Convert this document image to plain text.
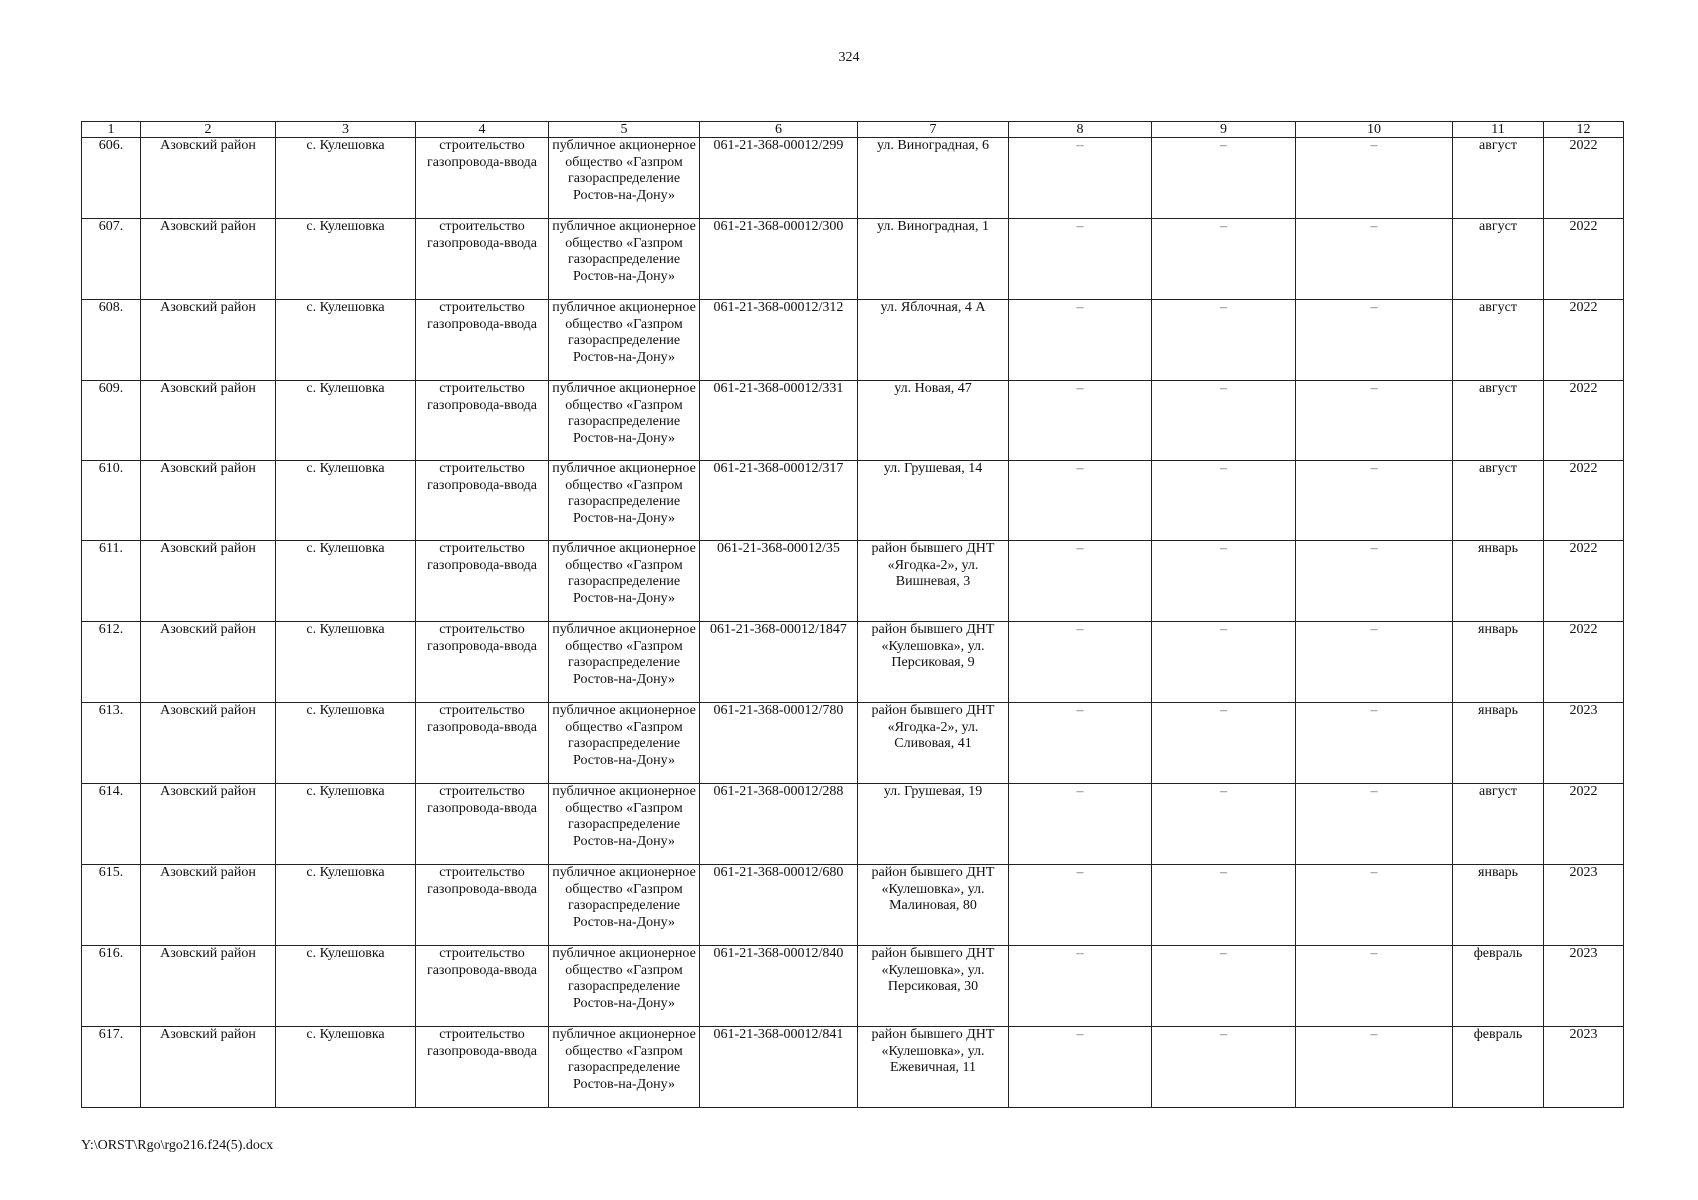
324
1	2	3	4	5	6	7	8	9	10	11	12
606.	Азовский район	с. Кулешовка	строительство газопровода-ввода	публичное акционерное общество «Газпром газораспределение Ростов-на-Дону»	061-21-368-00012/299	ул. Виноградная, 6	–	–	–	август	2022
607.	Азовский район	с. Кулешовка	строительство газопровода-ввода	публичное акционерное общество «Газпром газораспределение Ростов-на-Дону»	061-21-368-00012/300	ул. Виноградная, 1	–	–	–	август	2022
608.	Азовский район	с. Кулешовка	строительство газопровода-ввода	публичное акционерное общество «Газпром газораспределение Ростов-на-Дону»	061-21-368-00012/312	ул. Яблочная, 4 А	–	–	–	август	2022
609.	Азовский район	с. Кулешовка	строительство газопровода-ввода	публичное акционерное общество «Газпром газораспределение Ростов-на-Дону»	061-21-368-00012/331	ул. Новая, 47	–	–	–	август	2022
610.	Азовский район	с. Кулешовка	строительство газопровода-ввода	публичное акционерное общество «Газпром газораспределение Ростов-на-Дону»	061-21-368-00012/317	ул. Грушевая, 14	–	–	–	август	2022
611.	Азовский район	с. Кулешовка	строительство газопровода-ввода	публичное акционерное общество «Газпром газораспределение Ростов-на-Дону»	061-21-368-00012/35	район бывшего ДНТ «Ягодка-2», ул. Вишневая, 3	–	–	–	январь	2022
612.	Азовский район	с. Кулешовка	строительство газопровода-ввода	публичное акционерное общество «Газпром газораспределение Ростов-на-Дону»	061-21-368-00012/1847	район бывшего ДНТ «Кулешовка», ул. Персиковая, 9	–	–	–	январь	2022
613.	Азовский район	с. Кулешовка	строительство газопровода-ввода	публичное акционерное общество «Газпром газораспределение Ростов-на-Дону»	061-21-368-00012/780	район бывшего ДНТ «Ягодка-2», ул. Сливовая, 41	–	–	–	январь	2023
614.	Азовский район	с. Кулешовка	строительство газопровода-ввода	публичное акционерное общество «Газпром газораспределение Ростов-на-Дону»	061-21-368-00012/288	ул. Грушевая, 19	–	–	–	август	2022
615.	Азовский район	с. Кулешовка	строительство газопровода-ввода	публичное акционерное общество «Газпром газораспределение Ростов-на-Дону»	061-21-368-00012/680	район бывшего ДНТ «Кулешовка», ул. Малиновая, 80	–	–	–	январь	2023
616.	Азовский район	с. Кулешовка	строительство газопровода-ввода	публичное акционерное общество «Газпром газораспределение Ростов-на-Дону»	061-21-368-00012/840	район бывшего ДНТ «Кулешовка», ул. Персиковая, 30	–	–	–	февраль	2023
617.	Азовский район	с. Кулешовка	строительство газопровода-ввода	публичное акционерное общество «Газпром газораспределение Ростов-на-Дону»	061-21-368-00012/841	район бывшего ДНТ «Кулешовка», ул. Ежевичная, 11	–	–	–	февраль	2023
Y:\ORST\Rgo\rgo216.f24(5).docx
